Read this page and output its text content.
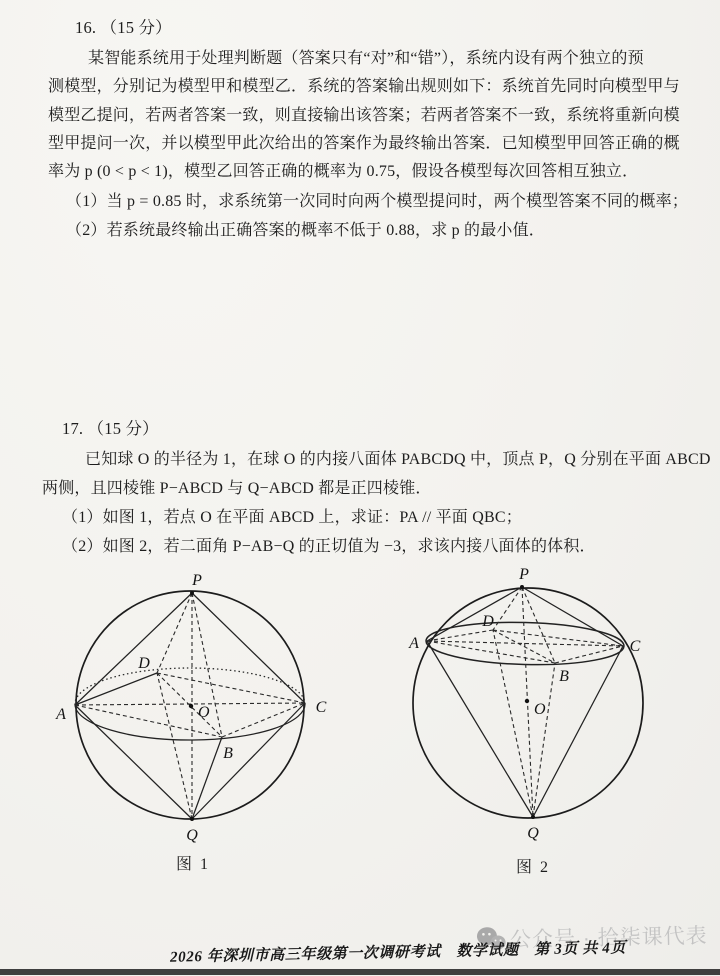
16. （15 分）
某智能系统用于处理判断题（答案只有“对”和“错”），系统内设有两个独立的预
测模型，分别记为模型甲和模型乙．系统的答案输出规则如下：系统首先同时向模型甲与
模型乙提问，若两者答案一致，则直接输出该答案；若两者答案不一致，系统将重新向模
型甲提问一次，并以模型甲此次给出的答案作为最终输出答案．已知模型甲回答正确的概
率为 p (0 < p < 1)，模型乙回答正确的概率为 0.75，假设各模型每次回答相互独立．
（1）当 p = 0.85 时，求系统第一次同时向两个模型提问时，两个模型答案不同的概率；
（2）若系统最终输出正确答案的概率不低于 0.88，求 p 的最小值．
17. （15 分）
已知球 O 的半径为 1，在球 O 的内接八面体 PABCDQ 中，顶点 P，Q 分别在平面 ABCD
两侧，且四棱锥 P−ABCD 与 Q−ABCD 都是正四棱锥．
（1）如图 1，若点 O 在平面 ABCD 上，求证：PA // 平面 QBC；
（2）如图 2，若二面角 P−AB−Q 的正切值为 −3，求该内接八面体的体积．
P
Q
A	C
D
B
O
图 1
P
Q
A	C
D
B
O
图 2
公众号 · 拾柒课代表
2026 年深圳市高三年级第一次调研考试　数学试题　第 3页 共 4页
